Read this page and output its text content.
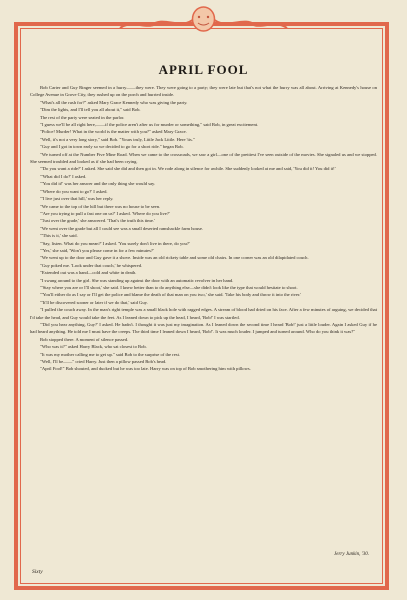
APRIL FOOL

Bob Carter and Guy Ringer seemed in a hurry——they were. They were going to a party; they were late but that's not what the hurry was all about. Arriving at Kennedy's house on College Avenue in Grove City, they rushed up on the porch and hurried inside.

"What's all the rush for?" asked Mary Grace Kennedy who was giving the party.

"Dim the lights, and I'll tell you all about it," said Bob.

The rest of the party were seated in the parlor.

"I guess we'll be all right here,——if the police aren't after us for murder or something," said Bob, in great excitement.

"Police! Murder! What in the world is the matter with you?" asked Mary Grace.

"Well, it's not a very long story," said Bob. "Yours truly, Little Jack Little. Here 'tis."

"Guy and I got in town early so we decided to go for a short ride." began Bob.

"We turned off at the Number Five Mine Road. When we came to the crossroads, we saw a girl—one of the prettiest I've seen outside of the movies. She signaled us and we stopped. She seemed troubled and looked as if she had been crying.

"'Do you want a ride?' I asked. She said she did and then got in. We rode along in silence for awhile. She suddenly looked at me and said, 'You did it! You did it!'

"'What did I do?' I asked.

"'You did it!' was her answer and the only thing she would say.

"'Where do you want to go?' I asked.

"'I live just over that hill,' was her reply.

"We came to the top of the hill but there was no house to be seen.

"'Are you trying to pull a fast one on us?' I asked. 'Where do you live?'

"'Just over the grade,' she answered. 'That's the truth this time.'

"We went over the grade but all I could see was a small deserted ramshackle farm house.

"'This is it,' she said.

"'Say, listen. What do you mean?' I asked. 'You surely don't live in there, do you?'

"'Yes,' she said, 'Won't you please come in for a few minutes?'

"We went up to the door and Guy gave it a shove. Inside was an old rickety table and some old chairs. In one corner was an old dilapidated couch.

"Guy poked me. 'Look under that couch,' he whispered.

"Extended out was a hand—cold and white in death.

"I swung around to the girl. She was standing up against the door with an automatic revolver in her hand.

"'Stay where you are or I'll shoot,' she said. I knew better than to do anything else—she didn't look like the type that would hesitate to shoot.

"'You'll either do as I say or I'll get the police and blame the death of that man on you two,' she said. 'Take his body and throw it into the river.'

"'It'll be discovered sooner or later if we do that,' said Guy.

"I pulled the couch away. In the man's right temple was a small black hole with ragged edges. A stream of blood had dried on his face. After a few minutes of arguing, we decided that I'd take the head, and Guy would take the feet. As I leaned down to pick up the head, I heard, 'Bob!' I was startled.

"'Did you hear anything, Guy?' I asked. He hadn't. I thought it was just my imagination. As I leaned down the second time I heard 'Bob!' just a little louder. Again I asked Guy if he had heard anything. He told me I must have the creeps. The third time I leaned down I heard, 'Bob!'. It was much louder. I jumped and turned around. Who do you think it was?"

Bob stopped there. A moment of silence passed.

"Who was it?" asked Harry Black, who sat closest to Bob.

"It was my mother calling me to get up." said Bob to the surprise of the rest.

"Well, I'll be——" cried Harry. Just then a pillow passed Bob's head.

"April Fool!" Bob shouted, and ducked but he was too late. Harry was on top of Bob smothering him with pillows.

Jerry Junkin, '30.
Sixty
